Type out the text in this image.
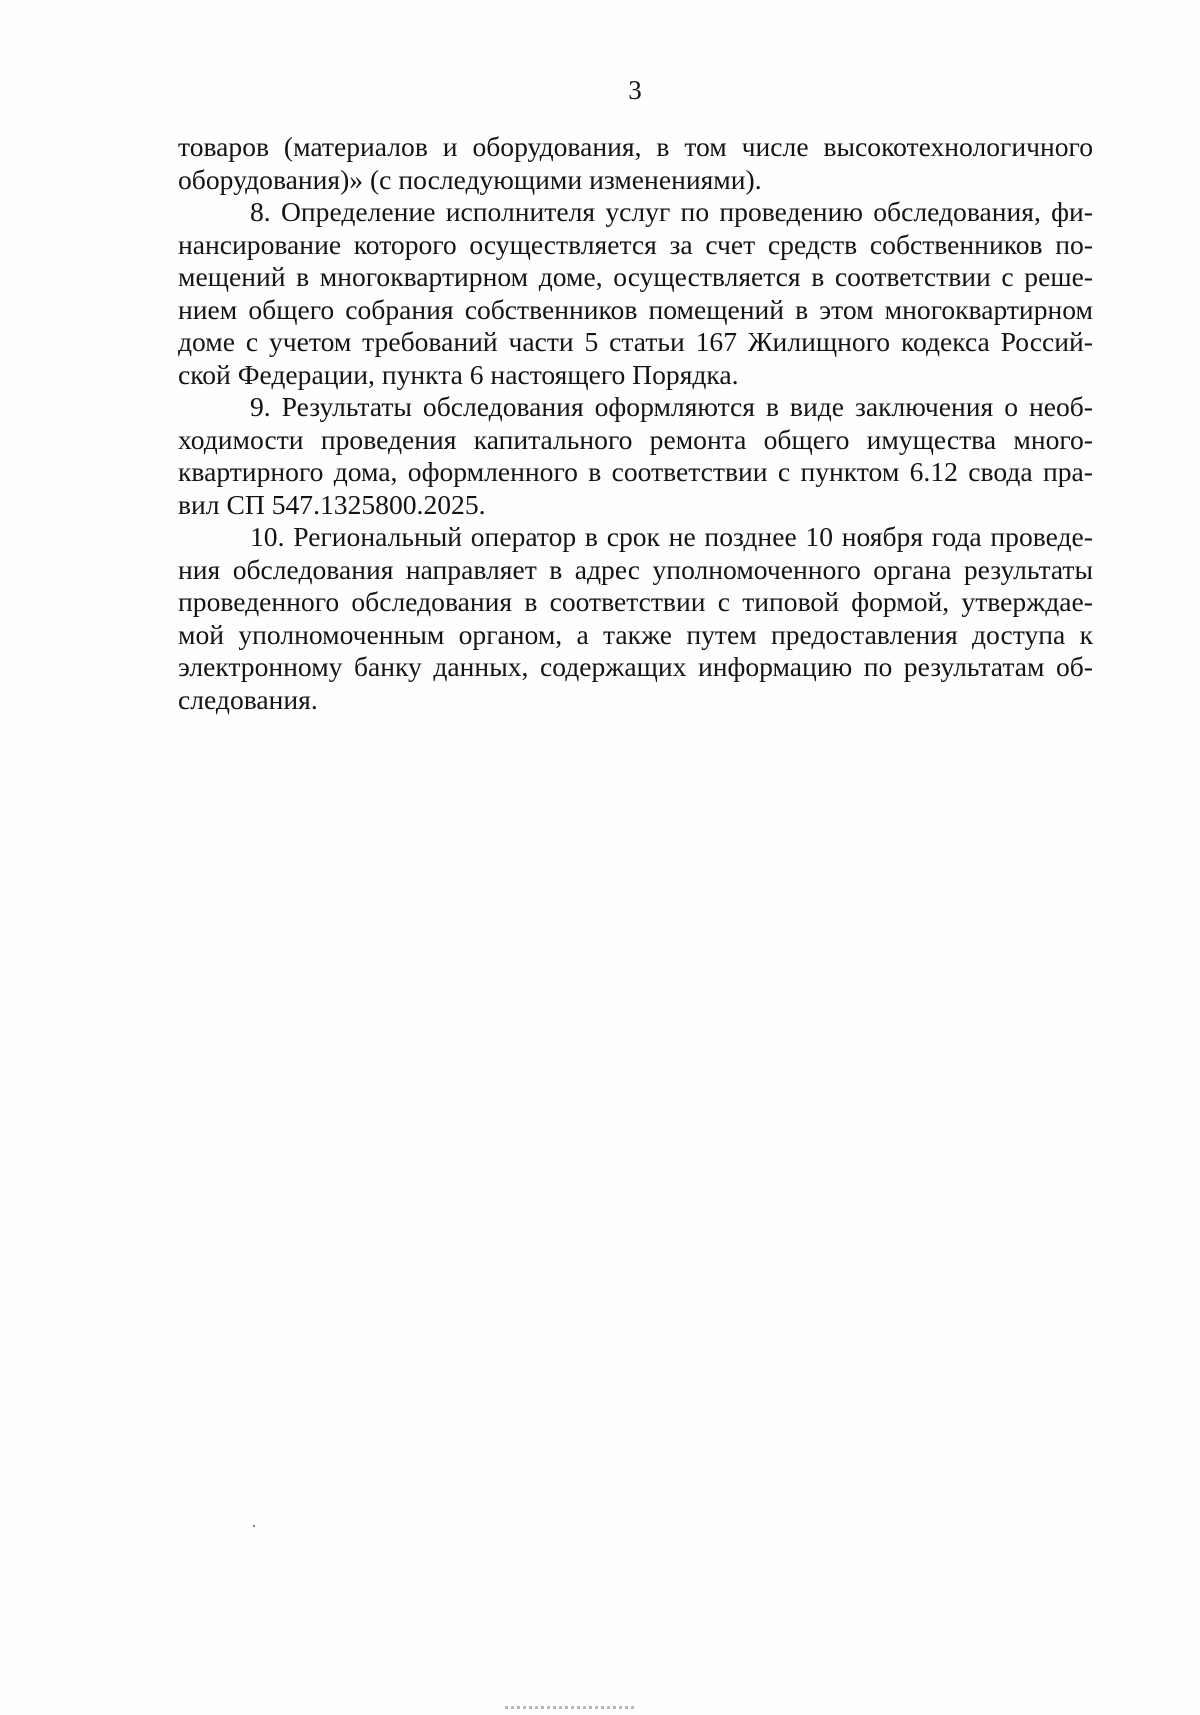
3
товаров (материалов и оборудования, в том числе высокотехнологичного
оборудования)» (с последующими изменениями).
8. Определение исполнителя услуг по проведению обследования, фи-
нансирование которого осуществляется за счет средств собственников по-
мещений в многоквартирном доме, осуществляется в соответствии с реше-
нием общего собрания собственников помещений в этом многоквартирном
доме с учетом требований части 5 статьи 167 Жилищного кодекса Россий-
ской Федерации, пункта 6 настоящего Порядка.
9. Результаты обследования оформляются в виде заключения о необ-
ходимости проведения капитального ремонта общего имущества много-
квартирного дома, оформленного в соответствии с пунктом 6.12 свода пра-
вил СП 547.1325800.2025.
10. Региональный оператор в срок не позднее 10 ноября года проведе-
ния обследования направляет в адрес уполномоченного органа результаты
проведенного обследования в соответствии с типовой формой, утверждае-
мой уполномоченным органом, а также путем предоставления доступа к
электронному банку данных, содержащих информацию по результатам об-
следования.
